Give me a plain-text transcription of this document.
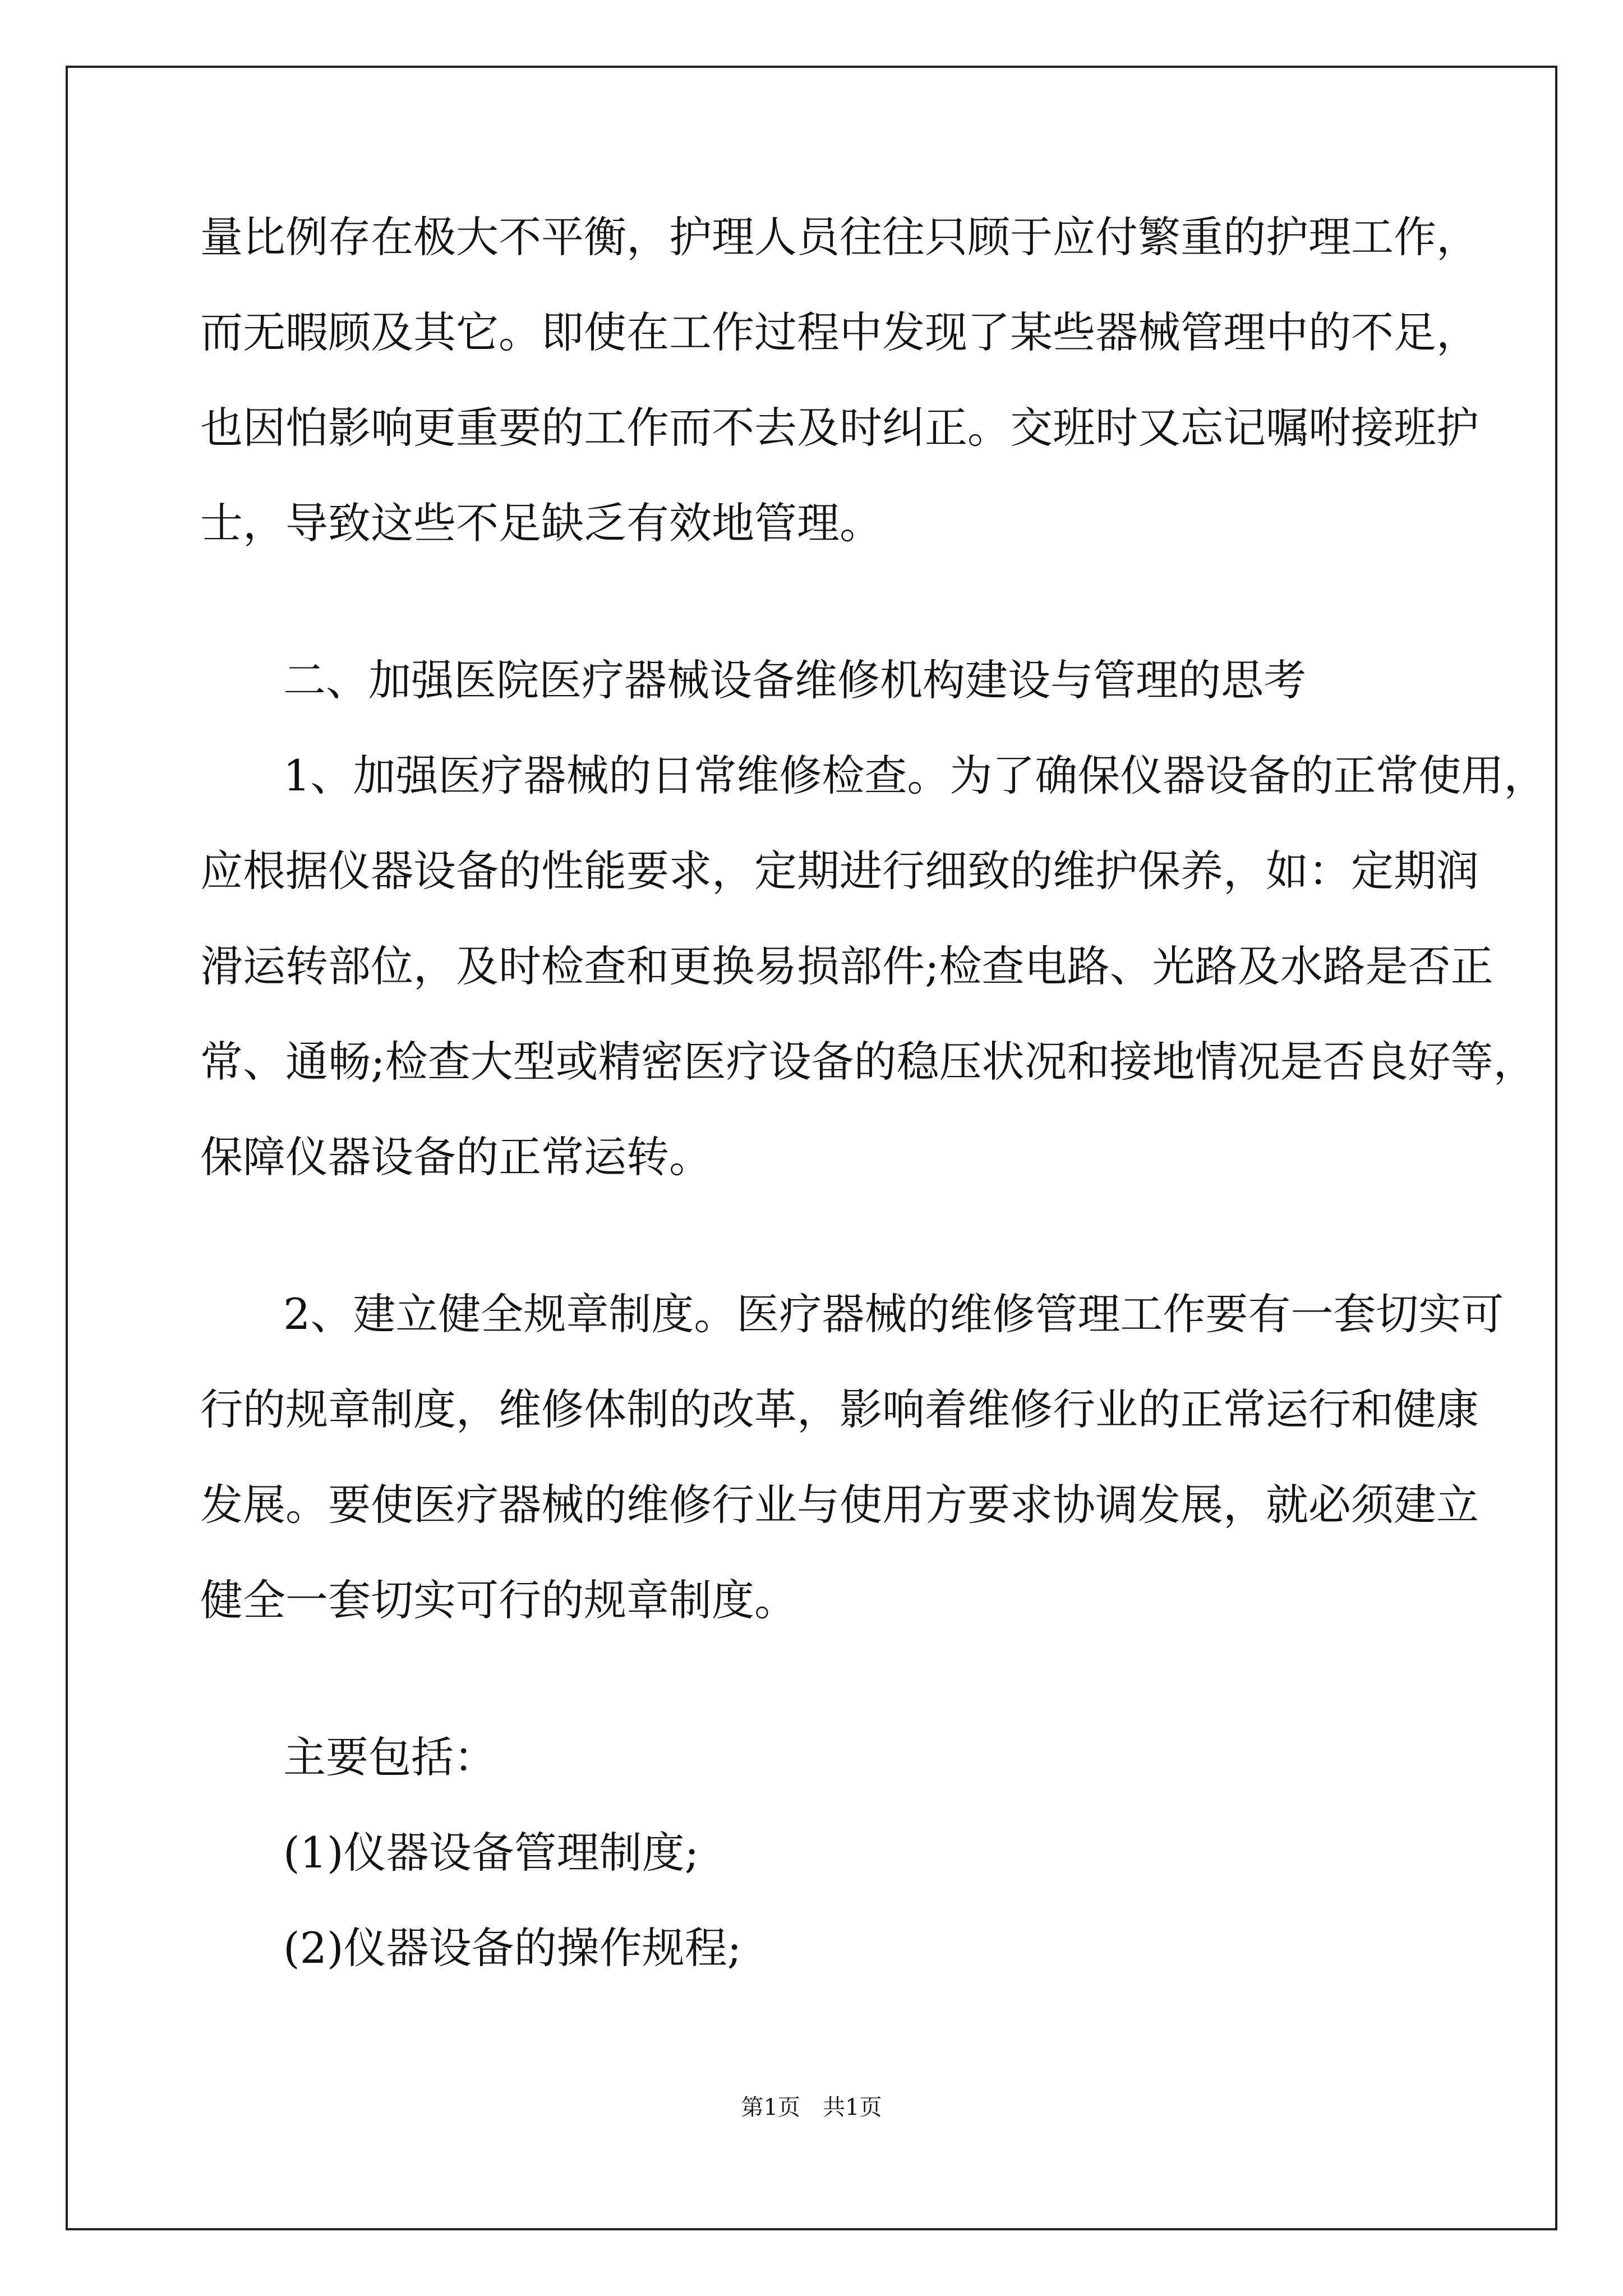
量 比 例 存 在 极 大 不 平 衡 ， 护 理 人 员 往 往 只 顾 于 应 付 繁 重 的 护 理 工 作 ，
而 无 暇 顾 及 其 它 。 即 使 在 工 作 过 程 中 发 现 了 某 些 器 械 管 理 中 的 不 足 ，
也 因 怕 影 响 更 重 要 的 工 作 而 不 去 及 时 纠 正 。 交 班 时 又 忘 记 嘱 咐 接 班 护
士，导致这些不足缺乏有效地管理。
二、加强医院医疗器械设备维修机构建设与管理的思考
1 、 加 强 医 疗 器 械 的 日 常 维 修 检 查 。 为 了 确 保 仪 器 设 备 的 正 常 使 用 ，
应 根 据 仪 器 设 备 的 性 能 要 求 ， 定 期 进 行 细 致 的 维 护 保 养 ， 如 ： 定 期 润
滑 运 转 部 位 ， 及 时 检 查 和 更 换 易 损 部 件 ; 检 查 电 路 、 光 路 及 水 路 是 否 正
常 、 通 畅 ; 检 查 大 型 或 精 密 医 疗 设 备 的 稳 压 状 况 和 接 地 情 况 是 否 良 好 等 ，
保障仪器设备的正常运转。
2 、 建 立 健 全 规 章 制 度 。 医 疗 器 械 的 维 修 管 理 工 作 要 有 一 套 切 实 可
行 的 规 章 制 度 ， 维 修 体 制 的 改 革 ， 影 响 着 维 修 行 业 的 正 常 运 行 和 健 康
发 展 。 要 使 医 疗 器 械 的 维 修 行 业 与 使 用 方 要 求 协 调 发 展 ， 就 必 须 建 立
健全一套切实可行的规章制度。
主要包括：
(1)仪器设备管理制度;
(2)仪器设备的操作规程;
第1页　共1页
